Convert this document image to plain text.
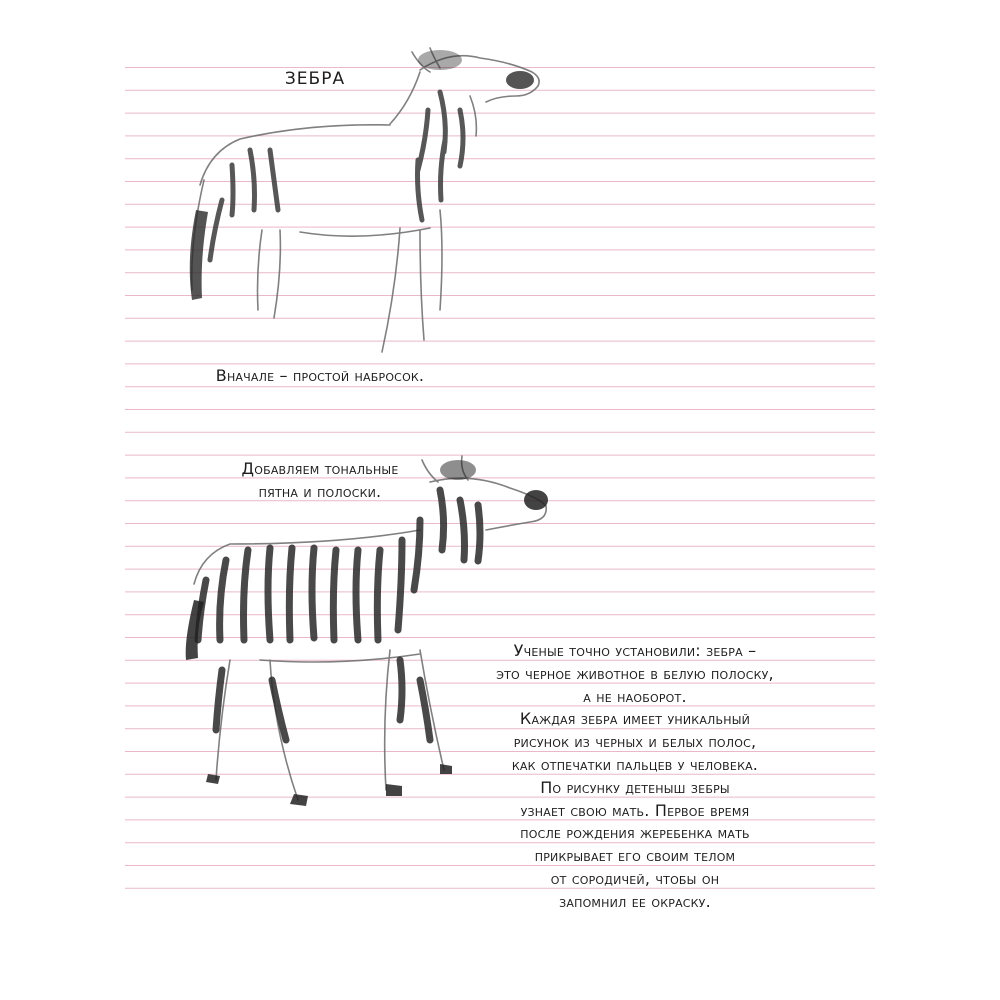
ЗЕБРА

Вначале – простой набросок.

Добавляем тональные
пятна и полоски.

Ученые точно установили: зебра –
это черное животное в белую полоску,
а не наоборот.
Каждая зебра имеет уникальный
рисунок из черных и белых полос,
как отпечатки пальцев у человека.
По рисунку детеныш зебры
узнает свою мать. Первое время
после рождения жеребенка мать
прикрывает его своим телом
от сородичей, чтобы он
запомнил ее окраску.
